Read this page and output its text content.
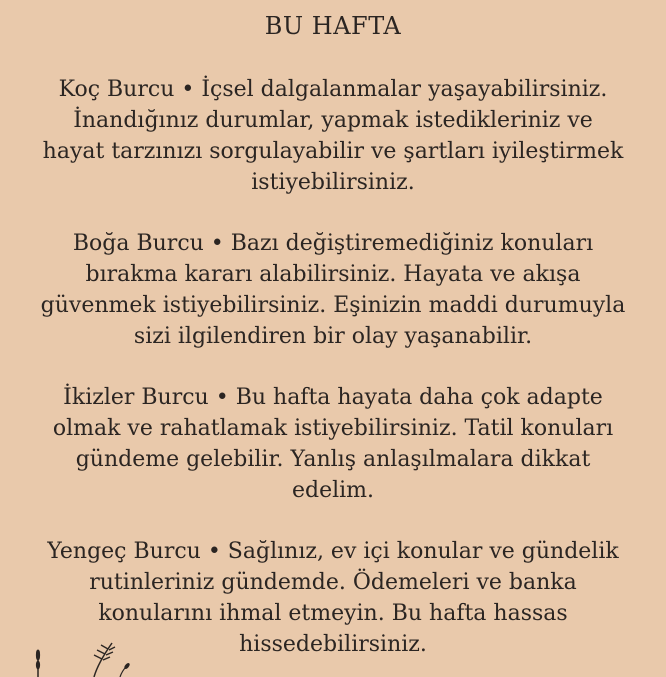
BU HAFTA
Koç Burcu • İçsel dalgalanmalar yaşayabilirsiniz.
İnandığınız durumlar, yapmak istedikleriniz ve
hayat tarzınızı sorgulayabilir ve şartları iyileştirmek
istiyebilirsiniz.
Boğa Burcu • Bazı değiştiremediğiniz konuları
bırakma kararı alabilirsiniz. Hayata ve akışa
güvenmek istiyebilirsiniz. Eşinizin maddi durumuyla
sizi ilgilendiren bir olay yaşanabilir.
İkizler Burcu • Bu hafta hayata daha çok adapte
olmak ve rahatlamak istiyebilirsiniz. Tatil konuları
gündeme gelebilir. Yanlış anlaşılmalara dikkat
edelim.
Yengeç Burcu • Sağlınız, ev içi konular ve gündelik
rutinleriniz gündemde. Ödemeleri ve banka
konularını ihmal etmeyin. Bu hafta hassas
hissedebilirsiniz.
